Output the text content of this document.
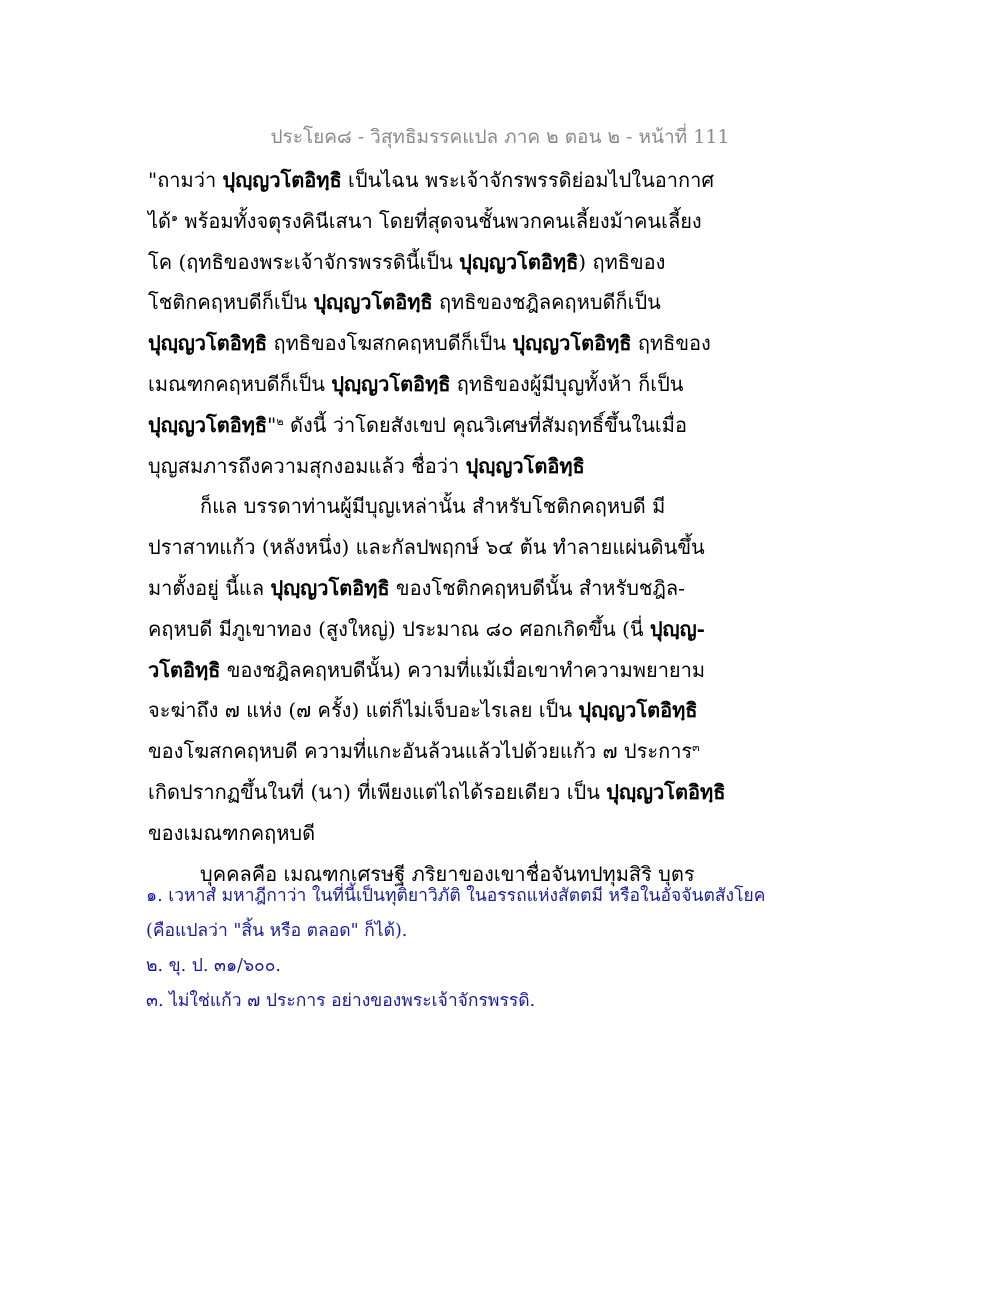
ประโยค๘ - วิสุทธิมรรคแปล ภาค ๒ ตอน ๒ - หน้าที่ 111
"ถามว่า ปุญฺญวโตอิทฺธิ เป็นไฉน พระเจ้าจักรพรรดิย่อมไปในอากาศ
ได้$^๑$ พร้อมทั้งจตุรงคินีเสนา โดยที่สุดจนชั้นพวกคนเลี้ยงม้าคนเลี้ยง
โค (ฤทธิของพระเจ้าจักรพรรดินี้เป็น ปุญฺญวโตอิทฺธิ) ฤทธิของ
โชติกคฤหบดีก็เป็น ปุญฺญวโตอิทฺธิ ฤทธิของชฎิลคฤหบดีก็เป็น
ปุญฺญวโตอิทฺธิ ฤทธิของโฆสกคฤหบดีก็เป็น ปุญฺญวโตอิทฺธิ ฤทธิของ
เมณฑกคฤหบดีก็เป็น ปุญฺญวโตอิทฺธิ ฤทธิของผู้มีบุญทั้งห้า ก็เป็น
ปุญฺญวโตอิทฺธิ"$^๒$ ดังนี้ ว่าโดยสังเขป คุณวิเศษที่สัมฤทธิ์ขึ้นในเมื่อ
บุญสมภารถึงความสุกงอมแล้ว ชื่อว่า ปุญฺญวโตอิทฺธิ
ก็แล บรรดาท่านผู้มีบุญเหล่านั้น สำหรับโชติกคฤหบดี มี
ปราสาทแก้ว (หลังหนึ่ง) และกัลปพฤกษ์ ๖๔ ต้น ทำลายแผ่นดินขึ้น
มาตั้งอยู่ นี้แล ปุญฺญวโตอิทฺธิ ของโชติกคฤหบดีนั้น สำหรับชฎิล-
คฤหบดี มีภูเขาทอง (สูงใหญ่) ประมาณ ๘๐ ศอกเกิดขึ้น (นี่ ปุญฺญ-
วโตอิทฺธิ ของชฎิลคฤหบดีนั้น) ความที่แม้เมื่อเขาทำความพยายาม
จะฆ่าถึง ๗ แห่ง (๗ ครั้ง) แต่ก็ไม่เจ็บอะไรเลย เป็น ปุญฺญวโตอิทฺธิ
ของโฆสกคฤหบดี ความที่แกะอันล้วนแล้วไปด้วยแก้ว ๗ ประการ$^๓$
เกิดปรากฏขึ้นในที่ (นา) ที่เพียงแต่ไถได้รอยเดียว เป็น ปุญฺญวโตอิทฺธิ
ของเมณฑกคฤหบดี
บุคคลคือ เมณฑกเศรษฐี ภริยาของเขาชื่อจันทปทุมสิริ บุตร
๑. เวหาสํ มหาฎีกาว่า ในที่นี้เป็นทุติยาวิภัติ ในอรรถแห่งสัตตมี หรือในอัจจันตสังโยค
(คือแปลว่า "สิ้น หรือ ตลอด" ก็ได้).
๒. ขุ. ป. ๓๑/๖๐๐.
๓. ไม่ใช่แก้ว ๗ ประการ อย่างของพระเจ้าจักรพรรดิ.
